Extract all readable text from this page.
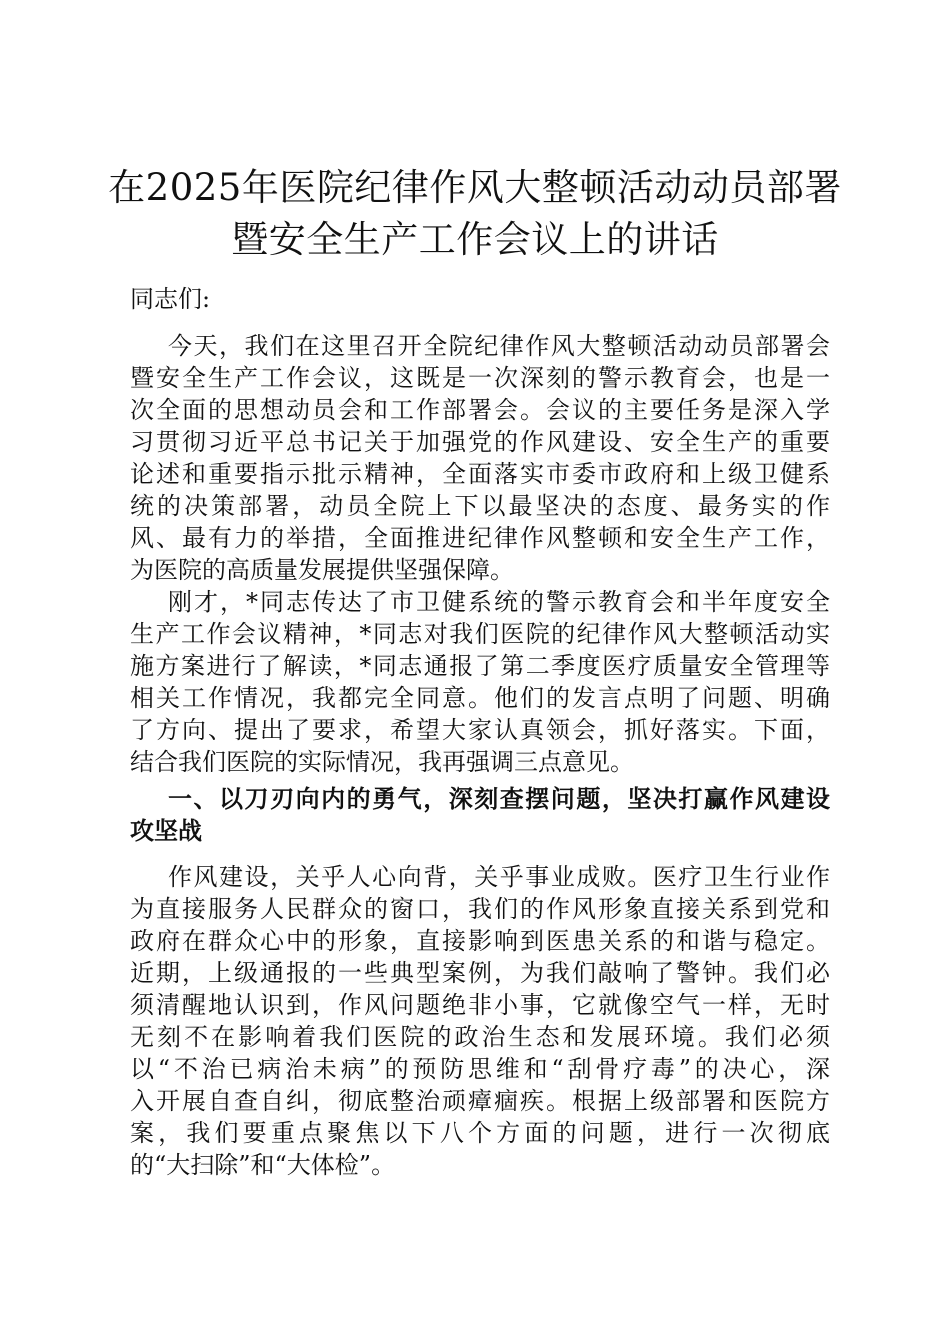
在2025年医院纪律作风大整顿活动动员部署
暨安全生产工作会议上的讲话
同志们:
今天，我们在这里召开全院纪律作风大整顿活动动员部署会
暨安全生产工作会议，这既是一次深刻的警示教育会，也是一
次全面的思想动员会和工作部署会。会议的主要任务是深入学
习贯彻习近平总书记关于加强党的作风建设、安全生产的重要
论述和重要指示批示精神，全面落实市委市政府和上级卫健系
统的决策部署，动员全院上下以最坚决的态度、最务实的作
风、最有力的举措，全面推进纪律作风整顿和安全生产工作，
为医院的高质量发展提供坚强保障。
刚才，*同志传达了市卫健系统的警示教育会和半年度安全
生产工作会议精神，*同志对我们医院的纪律作风大整顿活动实
施方案进行了解读，*同志通报了第二季度医疗质量安全管理等
相关工作情况，我都完全同意。他们的发言点明了问题、明确
了方向、提出了要求，希望大家认真领会，抓好落实。下面，
结合我们医院的实际情况，我再强调三点意见。
一、以刀刃向内的勇气，深刻查摆问题，坚决打赢作风建设
攻坚战
作风建设，关乎人心向背，关乎事业成败。医疗卫生行业作
为直接服务人民群众的窗口，我们的作风形象直接关系到党和
政府在群众心中的形象，直接影响到医患关系的和谐与稳定。
近期，上级通报的一些典型案例，为我们敲响了警钟。我们必
须清醒地认识到，作风问题绝非小事，它就像空气一样，无时
无刻不在影响着我们医院的政治生态和发展环境。我们必须
以“不治已病治未病”的预防思维和“刮骨疗毒”的决心，深
入开展自查自纠，彻底整治顽瘴痼疾。根据上级部署和医院方
案，我们要重点聚焦以下八个方面的问题，进行一次彻底
的“大扫除”和“大体检”。
